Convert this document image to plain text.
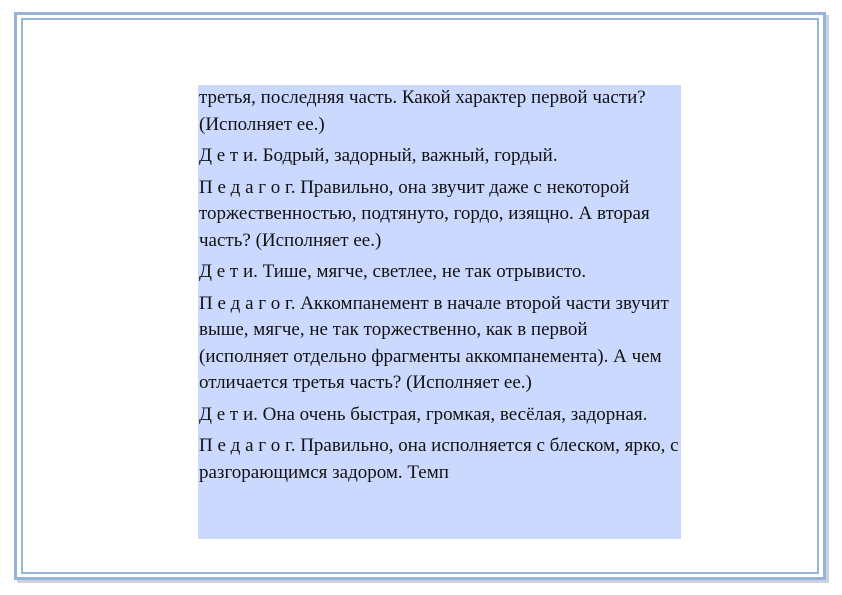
третья, последняя часть. Какой характер первой части? (Исполняет ее.)

Д е т и. Бодрый, задорный, важный, гордый.

П е д а г о г. Правильно, она звучит даже с некоторой торжественностью, подтянуто, гордо, изящно. А вторая часть? (Исполняет ее.)

Д е т и. Тише, мягче, светлее, не так отрывисто.

П е д а г о г. Аккомпанемент в начале второй части звучит выше, мягче, не так торжественно, как в первой (исполняет отдельно фрагменты аккомпанемента). А чем отличается третья часть? (Исполняет ее.)

Д е т и. Она очень быстрая, громкая, весёлая, задорная.

П е д а г о г. Правильно, она исполняется с блеском, ярко, с разгорающимся задором. Темп
